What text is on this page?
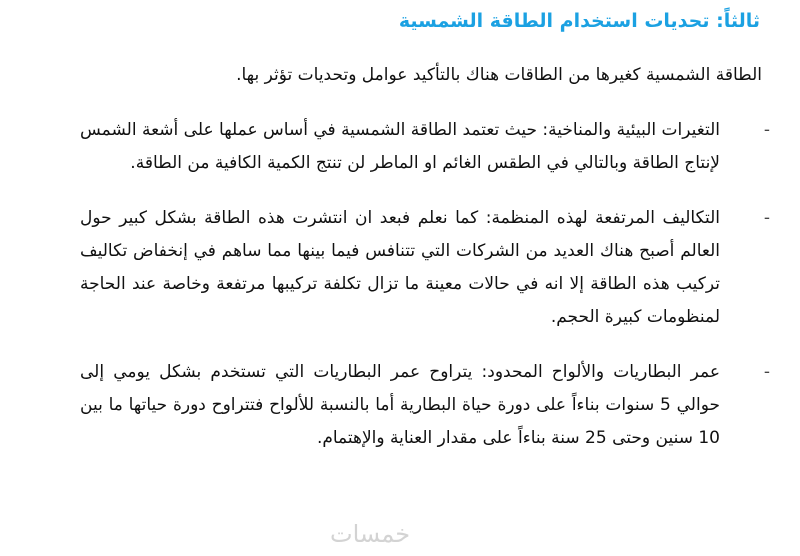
ثالثاً: تحديات استخدام الطاقة الشمسية
الطاقة الشمسية كغيرها من الطاقات هناك بالتأكيد عوامل وتحديات تؤثر بها.
-
التغيرات البيئية والمناخية: حيث تعتمد الطاقة الشمسية في أساس عملها على أشعة الشمس لإنتاج الطاقة وبالتالي في الطقس الغائم او الماطر لن تنتج الكمية الكافية من الطاقة.
-
التكاليف المرتفعة لهذه المنظمة: كما نعلم فبعد ان انتشرت هذه الطاقة بشكل كبير حول العالم أصبح هناك العديد من الشركات التي تتنافس فيما بينها مما ساهم في إنخفاض تكاليف تركيب هذه الطاقة إلا انه في حالات معينة ما تزال تكلفة تركيبها مرتفعة وخاصة عند الحاجة لمنظومات كبيرة الحجم.
-
عمر البطاريات والألواح المحدود: يتراوح عمر البطاريات التي تستخدم بشكل يومي إلى حوالي 5 سنوات بناءاً على دورة حياة البطارية أما بالنسبة للألواح فتتراوح دورة حياتها ما بين 10 سنين وحتى 25 سنة بناءاً على مقدار العناية والإهتمام.
خمسات
